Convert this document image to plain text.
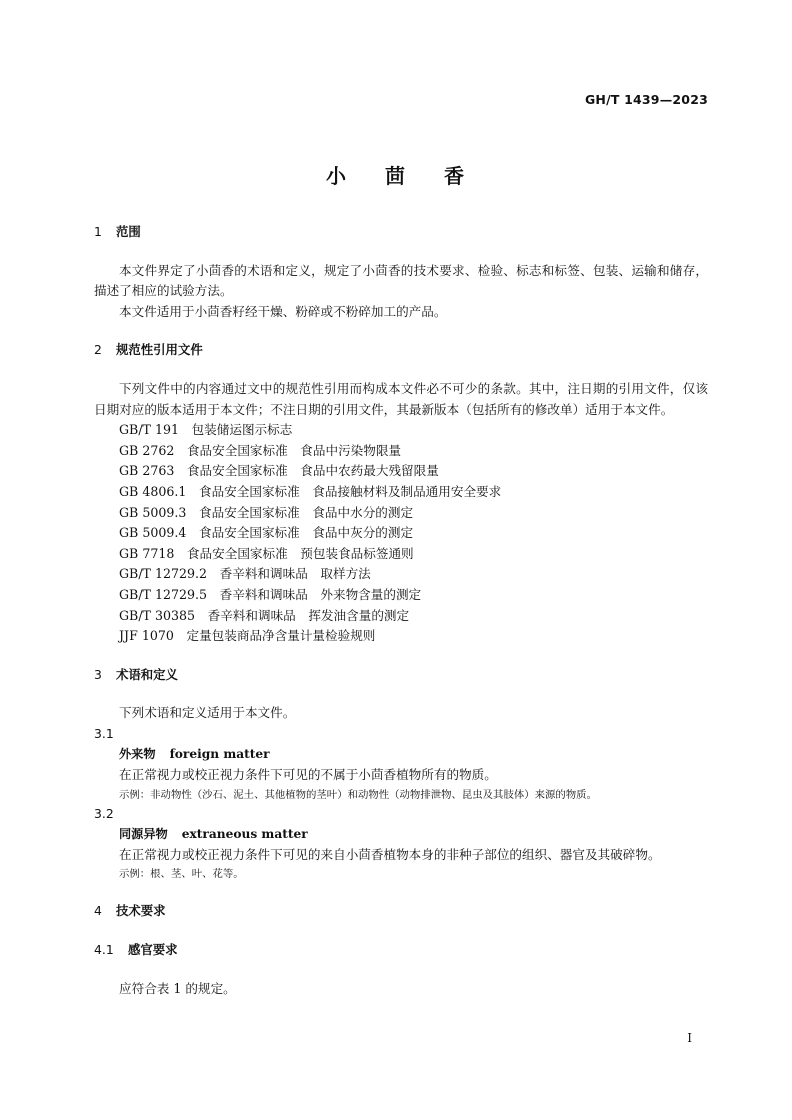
GH/T 1439—2023
小 茴 香
1	范围
本文件界定了小茴香的术语和定义，规定了小茴香的技术要求、检验、标志和标签、包装、运输和储存，描述了相应的试验方法。
本文件适用于小茴香籽经干燥、粉碎或不粉碎加工的产品。
2	规范性引用文件
下列文件中的内容通过文中的规范性引用而构成本文件必不可少的条款。其中，注日期的引用文件，仅该日期对应的版本适用于本文件；不注日期的引用文件，其最新版本（包括所有的修改单）适用于本文件。
GB/T 191　包装储运图示标志
GB 2762　食品安全国家标准　食品中污染物限量
GB 2763　食品安全国家标准　食品中农药最大残留限量
GB 4806.1　食品安全国家标准　食品接触材料及制品通用安全要求
GB 5009.3　食品安全国家标准　食品中水分的测定
GB 5009.4　食品安全国家标准　食品中灰分的测定
GB 7718　食品安全国家标准　预包装食品标签通则
GB/T 12729.2　香辛料和调味品　取样方法
GB/T 12729.5　香辛料和调味品　外来物含量的测定
GB/T 30385　香辛料和调味品　挥发油含量的测定
JJF 1070　定量包装商品净含量计量检验规则
3	术语和定义
下列术语和定义适用于本文件。
3.1
外来物 foreign matter
在正常视力或校正视力条件下可见的不属于小茴香植物所有的物质。
示例：非动物性（沙石、泥土、其他植物的茎叶）和动物性（动物排泄物、昆虫及其肢体）来源的物质。
3.2
同源异物 extraneous matter
在正常视力或校正视力条件下可见的来自小茴香植物本身的非种子部位的组织、器官及其破碎物。
示例：根、茎、叶、花等。
4	技术要求
4.1	感官要求
应符合表 1 的规定。
I
